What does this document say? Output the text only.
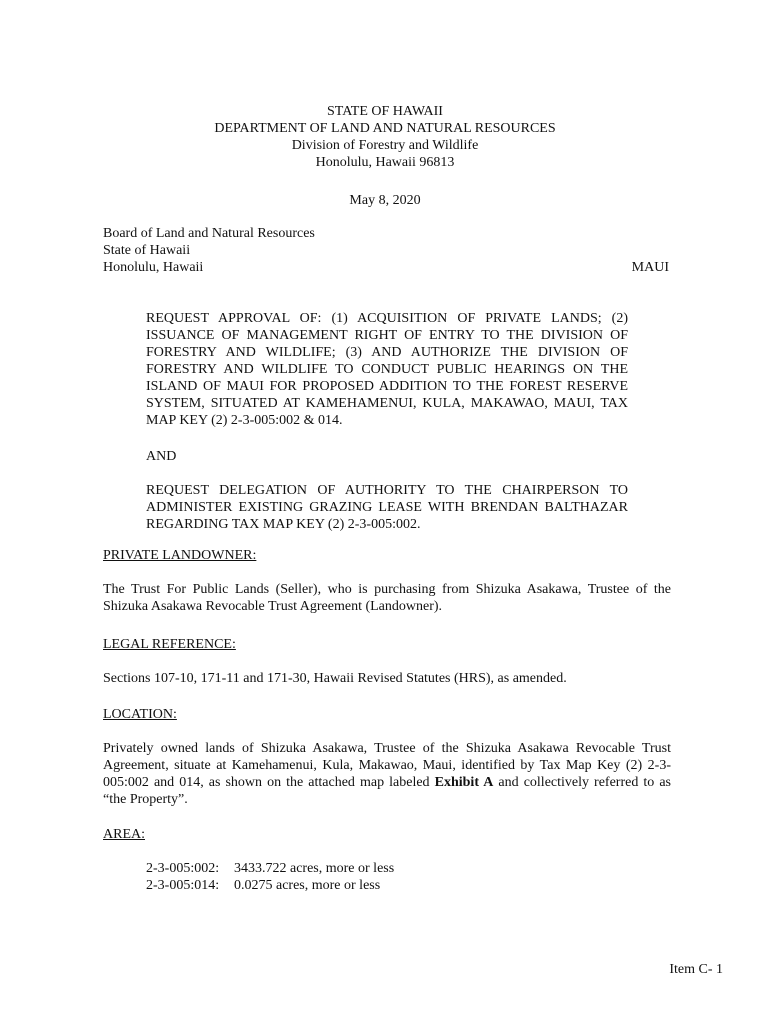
STATE OF HAWAII
DEPARTMENT OF LAND AND NATURAL RESOURCES
Division of Forestry and Wildlife
Honolulu, Hawaii 96813
May 8, 2020
Board of Land and Natural Resources
State of Hawaii
Honolulu, Hawaii	MAUI
REQUEST APPROVAL OF: (1) ACQUISITION OF PRIVATE LANDS; (2) ISSUANCE OF MANAGEMENT RIGHT OF ENTRY TO THE DIVISION OF FORESTRY AND WILDLIFE; (3) AND AUTHORIZE THE DIVISION OF FORESTRY AND WILDLIFE TO CONDUCT PUBLIC HEARINGS ON THE ISLAND OF MAUI FOR PROPOSED ADDITION TO THE FOREST RESERVE SYSTEM, SITUATED AT KAMEHAMENUI, KULA, MAKAWAO, MAUI, TAX MAP KEY (2) 2-3-005:002 & 014.
AND
REQUEST DELEGATION OF AUTHORITY TO THE CHAIRPERSON TO ADMINISTER EXISTING GRAZING LEASE WITH BRENDAN BALTHAZAR REGARDING TAX MAP KEY (2) 2-3-005:002.
PRIVATE LANDOWNER:
The Trust For Public Lands (Seller), who is purchasing from Shizuka Asakawa, Trustee of the Shizuka Asakawa Revocable Trust Agreement (Landowner).
LEGAL REFERENCE:
Sections 107-10, 171-11 and 171-30, Hawaii Revised Statutes (HRS), as amended.
LOCATION:
Privately owned lands of Shizuka Asakawa, Trustee of the Shizuka Asakawa Revocable Trust Agreement, situate at Kamehamenui, Kula, Makawao, Maui, identified by Tax Map Key (2) 2-3-005:002 and 014, as shown on the attached map labeled Exhibit A and collectively referred to as “the Property”.
AREA:
2-3-005:002:	3433.722 acres, more or less
2-3-005:014:	0.0275 acres, more or less
Item C- 1
